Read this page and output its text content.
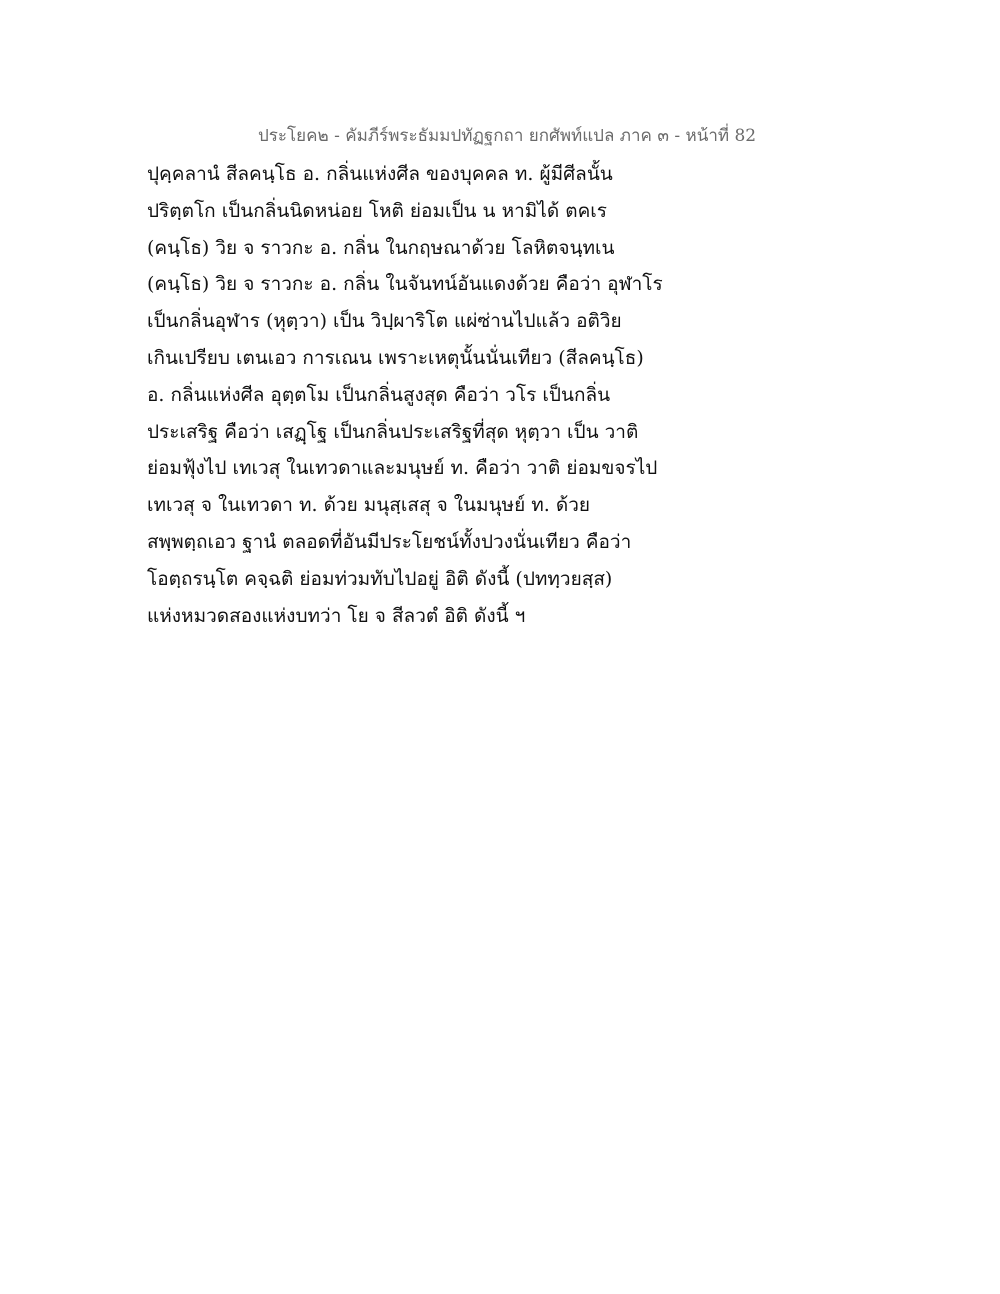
ประโยค๒ - คัมภีร์พระธัมมปทัฏฐกถา ยกศัพท์แปล ภาค ๓ - หน้าที่ 82
ปุคฺคลานํ สีลคนฺโธ อ. กลิ่นแห่งศีล ของบุคคล ท. ผู้มีศีลนั้น
ปริตฺตโก เป็นกลิ่นนิดหน่อย โหติ ย่อมเป็น น หามิได้ ตคเร
(คนฺโธ) วิย จ ราวกะ อ. กลิ่น ในกฤษณาด้วย โลหิตจนฺทเน
(คนฺโธ) วิย จ ราวกะ อ. กลิ่น ในจันทน์อันแดงด้วย คือว่า อุฬาโร
เป็นกลิ่นอุฬาร (หุตฺวา) เป็น วิปฺผาริโต แผ่ซ่านไปแล้ว อติวิย
เกินเปรียบ เตนเอว การเณน เพราะเหตุนั้นนั่นเทียว (สีลคนฺโธ)
อ. กลิ่นแห่งศีล อุตฺตโม เป็นกลิ่นสูงสุด คือว่า วโร เป็นกลิ่น
ประเสริฐ คือว่า เสฏฺโฐ เป็นกลิ่นประเสริฐที่สุด หุตฺวา เป็น วาติ
ย่อมฟุ้งไป เทเวสุ ในเทวดาและมนุษย์ ท. คือว่า วาติ ย่อมขจรไป
เทเวสุ จ ในเทวดา ท. ด้วย มนุสฺเสสุ จ ในมนุษย์ ท. ด้วย
สพฺพตฺถเอว ฐานํ ตลอดที่อันมีประโยชน์ทั้งปวงนั่นเทียว คือว่า
โอตฺถรนฺโต คจฺฉติ ย่อมท่วมทับไปอยู่ อิติ ดังนี้ (ปททฺวยสฺส)
แห่งหมวดสองแห่งบทว่า โย จ สีลวตํ อิติ ดังนี้ ฯ
